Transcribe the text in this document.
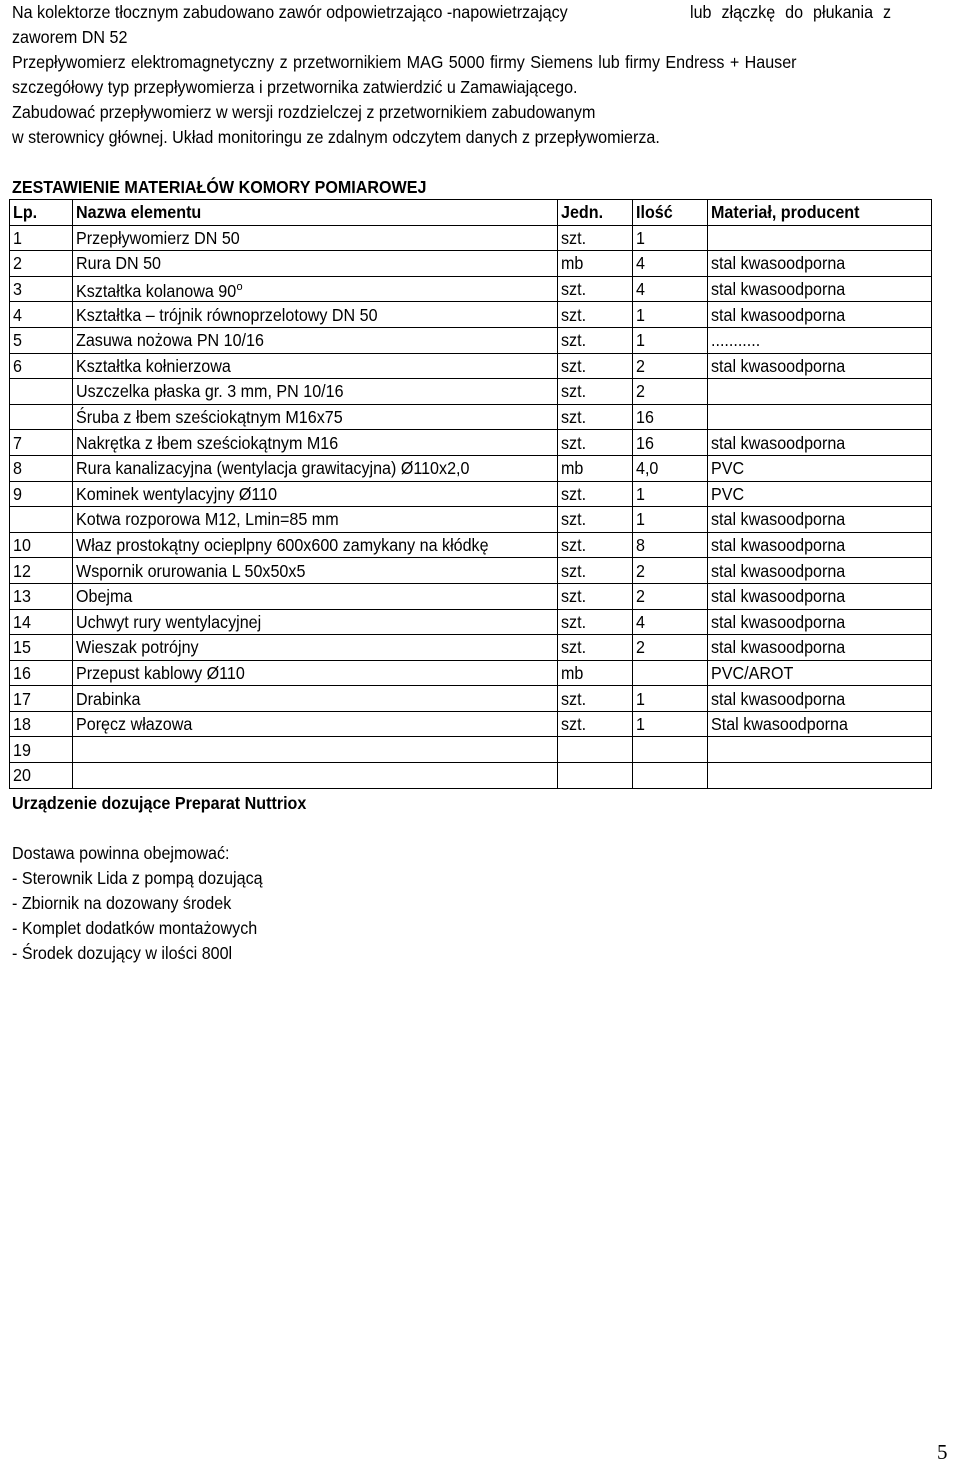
Na kolektorze tłocznym zabudowano zawór odpowietrzająco -napowietrzający	lub złączkę do płukania z
zaworem DN 52
Przepływomierz elektromagnetyczny z przetwornikiem MAG 5000 firmy Siemens lub firmy Endress + Hauser
szczegółowy typ przepływomierza i przetwornika zatwierdzić u Zamawiającego.
Zabudować przepływomierz w wersji rozdzielczej z przetwornikiem zabudowanym
w sterownicy głównej. Układ monitoringu ze zdalnym odczytem danych z przepływomierza.
ZESTAWIENIE MATERIAŁÓW KOMORY POMIAROWEJ
Lp.	Nazwa elementu	Jedn.	Ilość	Materiał, producent
1	Przepływomierz DN 50	szt.	1	
2	Rura DN 50	mb	4	stal kwasoodporna
3	Kształtka kolanowa 90$^o$	szt.	4	stal kwasoodporna
4	Kształtka – trójnik równoprzelotowy DN 50	szt.	1	stal kwasoodporna
5	Zasuwa nożowa PN 10/16	szt.	1	...........
6	Kształtka kołnierzowa	szt.	2	stal kwasoodporna
	Uszczelka płaska gr. 3 mm, PN 10/16	szt.	2	
	Śruba z łbem sześciokątnym M16x75	szt.	16	
7	Nakrętka z łbem sześciokątnym M16	szt.	16	stal kwasoodporna
8	Rura kanalizacyjna (wentylacja grawitacyjna) Ø110x2,0	mb	4,0	PVC
9	Kominek wentylacyjny Ø110	szt.	1	PVC
	Kotwa rozporowa M12, Lmin=85 mm	szt.	1	stal kwasoodporna
10	Właz prostokątny ocieplpny 600x600 zamykany na kłódkę	szt.	8	stal kwasoodporna
12	Wspornik orurowania L 50x50x5	szt.	2	stal kwasoodporna
13	Obejma	szt.	2	stal kwasoodporna
14	Uchwyt rury wentylacyjnej	szt.	4	stal kwasoodporna
15	Wieszak potrójny	szt.	2	stal kwasoodporna
16	Przepust kablowy Ø110	mb		PVC/AROT
17	Drabinka	szt.	1	stal kwasoodporna
18	Poręcz włazowa	szt.	1	Stal kwasoodporna
19				
20				
Urządzenie dozujące Preparat Nuttriox
Dostawa powinna obejmować:
- Sterownik Lida z pompą dozującą
- Zbiornik na dozowany środek
- Komplet dodatków montażowych
- Środek dozujący w ilości 800l
5
